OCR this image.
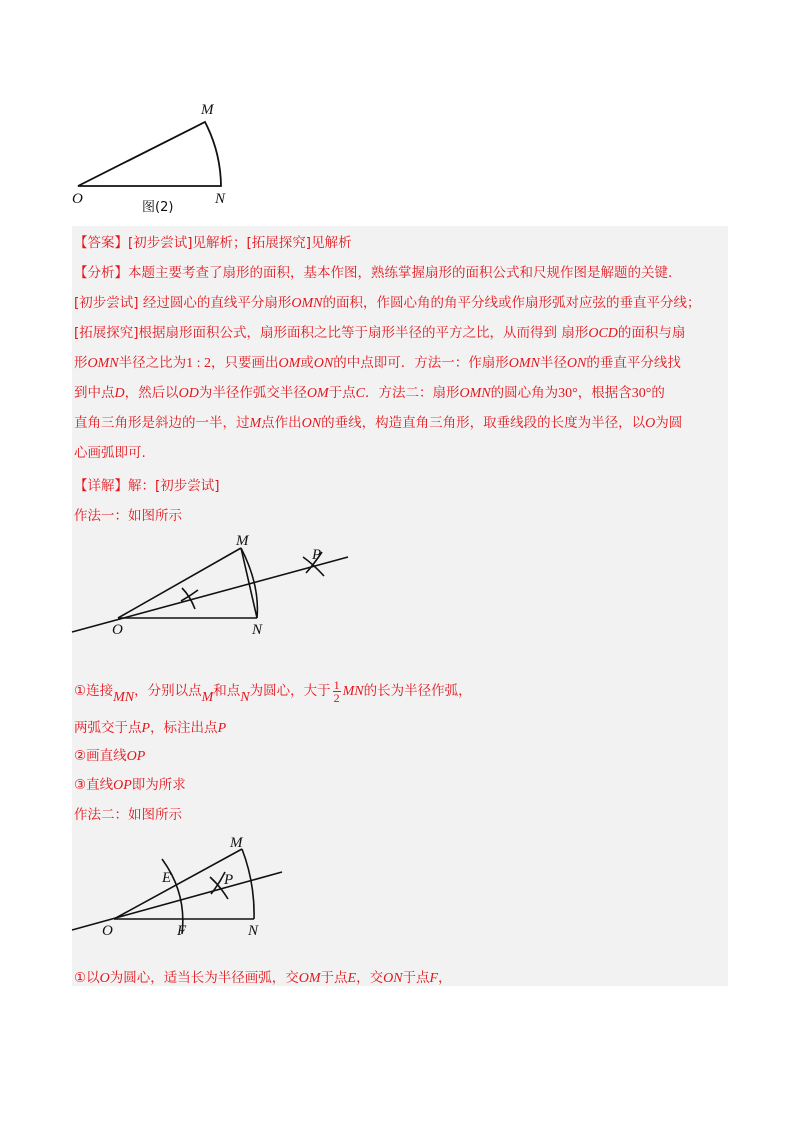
M
O	N
图(2)
【答案】[初步尝试]见解析；[拓展探究]见解析
【分析】本题主要考查了扇形的面积，基本作图，熟练掌握扇形的面积公式和尺规作图是解题的关键．
[初步尝试] 经过圆心的直线平分扇形OMN的面积，作圆心角的角平分线或作扇形弧对应弦的垂直平分线；
[拓展探究]根据扇形面积公式，扇形面积之比等于扇形半径的平方之比，从而得到 扇形OCD的面积与扇
形OMN半径之比为1 : 2，只要画出OM或ON的中点即可．方法一：作扇形OMN半径ON的垂直平分线找
到中点D，然后以OD为半径作弧交半径OM于点C．方法二：扇形OMN的圆心角为30°，根据含30°的
直角三角形是斜边的一半，过M点作出ON的垂线，构造直角三角形，取垂线段的长度为半径，以O为圆
心画弧即可.
【详解】解：[初步尝试]
作法一：如图所示
M
P
O	N
①连接MN，分别以点M和点N为圆心，大于 $\frac{1}{2}$ MN的长为半径作弧，
两弧交于点P，标注出点P
②画直线OP
③直线OP即为所求
作法二：如图所示
M
E	P
O	F	N
①以O为圆心，适当长为半径画弧，交OM于点E，交ON于点F，
